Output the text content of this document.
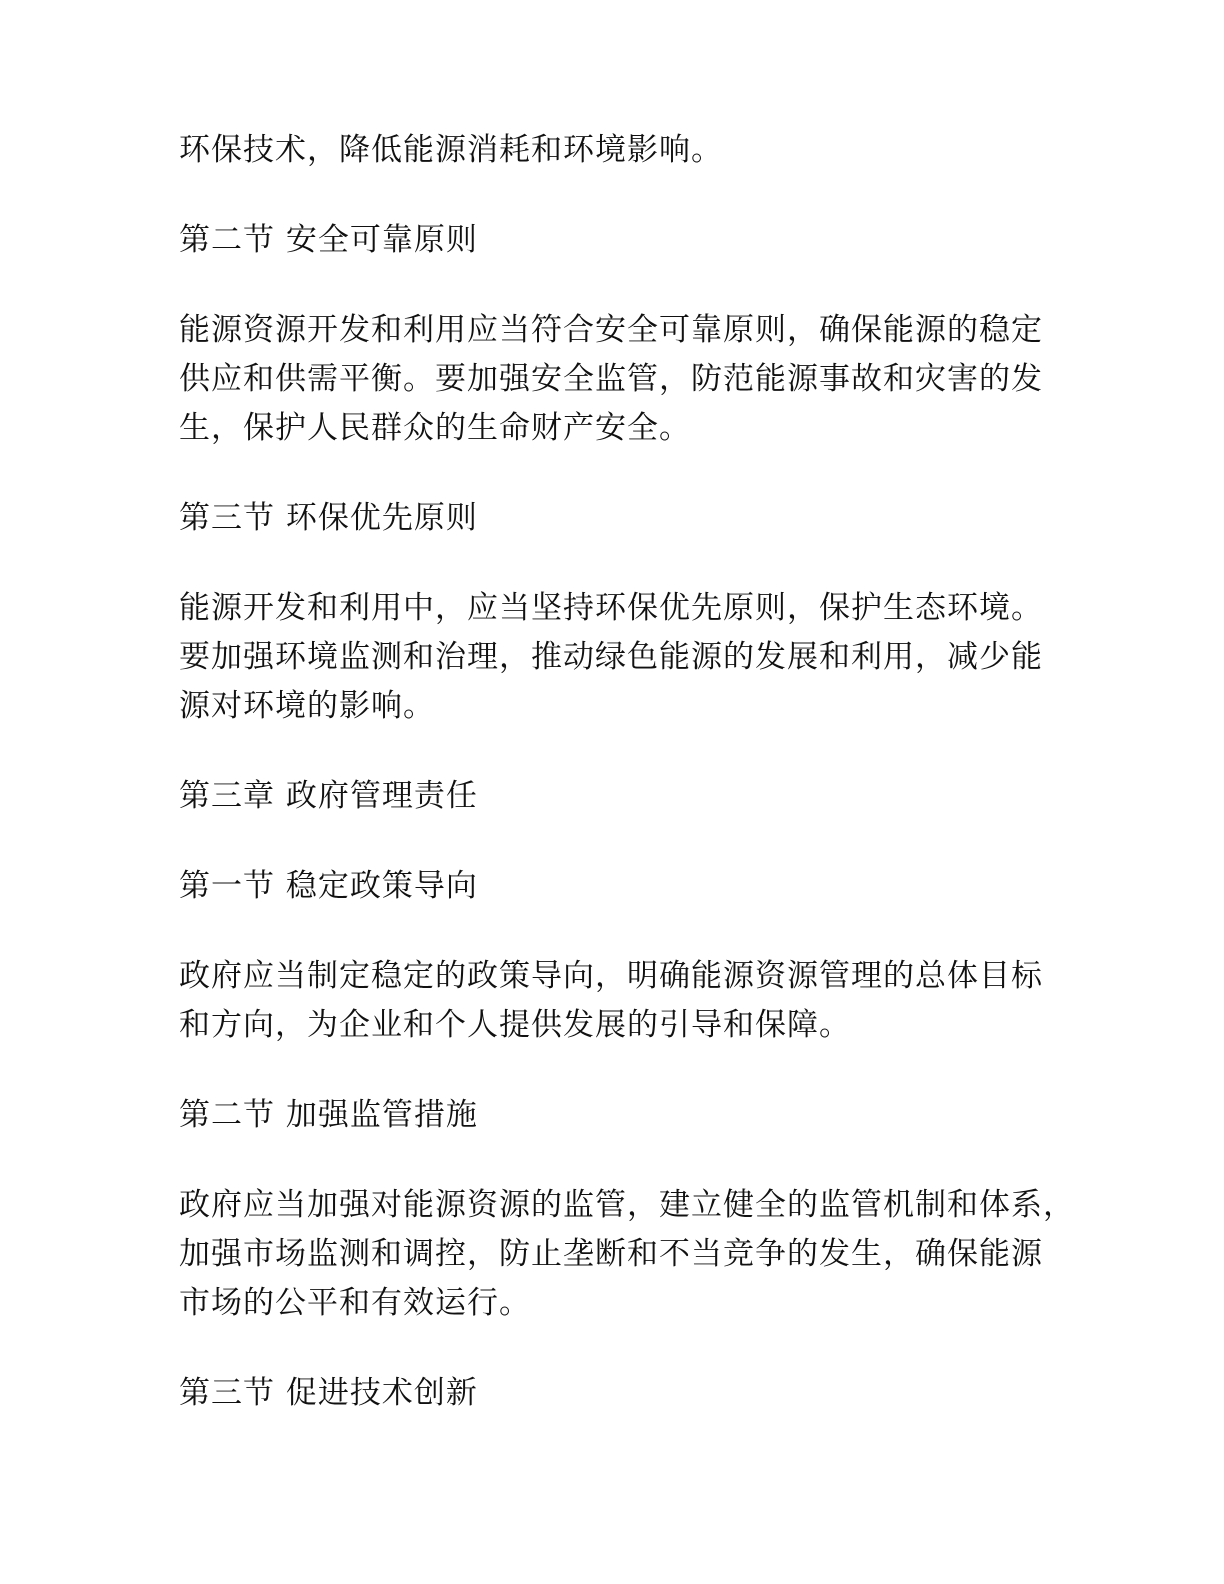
环保技术，降低能源消耗和环境影响。
第二节 安全可靠原则
能源资源开发和利用应当符合安全可靠原则，确保能源的稳定
供应和供需平衡。要加强安全监管，防范能源事故和灾害的发
生，保护人民群众的生命财产安全。
第三节 环保优先原则
能源开发和利用中，应当坚持环保优先原则，保护生态环境。
要加强环境监测和治理，推动绿色能源的发展和利用，减少能
源对环境的影响。
第三章 政府管理责任
第一节 稳定政策导向
政府应当制定稳定的政策导向，明确能源资源管理的总体目标
和方向，为企业和个人提供发展的引导和保障。
第二节 加强监管措施
政府应当加强对能源资源的监管，建立健全的监管机制和体系，
加强市场监测和调控，防止垄断和不当竞争的发生，确保能源
市场的公平和有效运行。
第三节 促进技术创新
